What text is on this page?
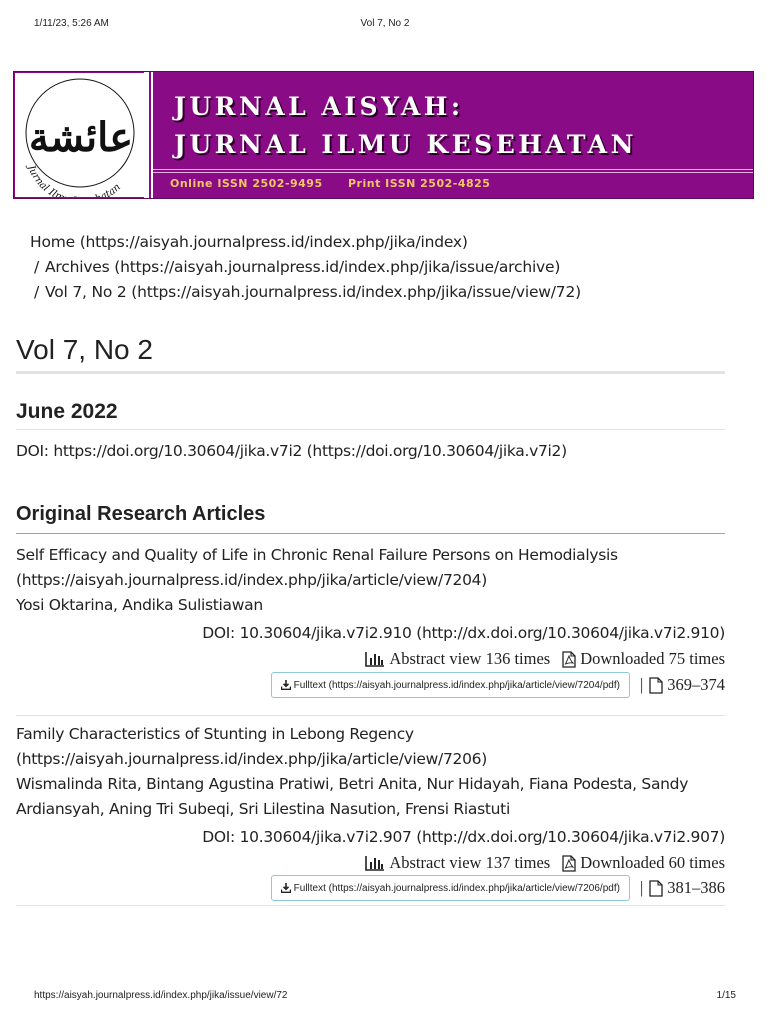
1/11/23, 5:26 AM	Vol 7, No 2
عائشة
Jurnal Il atan
JURNAL AISYAH:
JURNAL ILMU KESEHATAN
Online ISSN 2502-9495 Print ISSN 2502-4825
Home (https://aisyah.journalpress.id/index.php/jika/index)
/ Archives (https://aisyah.journalpress.id/index.php/jika/issue/archive)
/ Vol 7, No 2 (https://aisyah.journalpress.id/index.php/jika/issue/view/72)
Vol 7, No 2
June 2022
DOI: https://doi.org/10.30604/jika.v7i2 (https://doi.org/10.30604/jika.v7i2)
Original Research Articles
Self Efficacy and Quality of Life in Chronic Renal Failure Persons on Hemodialysis (https://aisyah.journalpress.id/index.php/jika/article/view/7204)
Yosi Oktarina, Andika Sulistiawan
DOI: 10.30604/jika.v7i2.910 (http://dx.doi.org/10.30604/jika.v7i2.910)
Abstract view 136 times Downloaded 75 times
Fulltext (https://aisyah.journalpress.id/index.php/jika/article/view/7204/pdf) | 369–374
Family Characteristics of Stunting in Lebong Regency (https://aisyah.journalpress.id/index.php/jika/article/view/7206)
Wismalinda Rita, Bintang Agustina Pratiwi, Betri Anita, Nur Hidayah, Fiana Podesta, Sandy Ardiansyah, Aning Tri Subeqi, Sri Lilestina Nasution, Frensi Riastuti
DOI: 10.30604/jika.v7i2.907 (http://dx.doi.org/10.30604/jika.v7i2.907)
Abstract view 137 times Downloaded 60 times
Fulltext (https://aisyah.journalpress.id/index.php/jika/article/view/7206/pdf) | 381–386
https://aisyah.journalpress.id/index.php/jika/issue/view/72	1/15
